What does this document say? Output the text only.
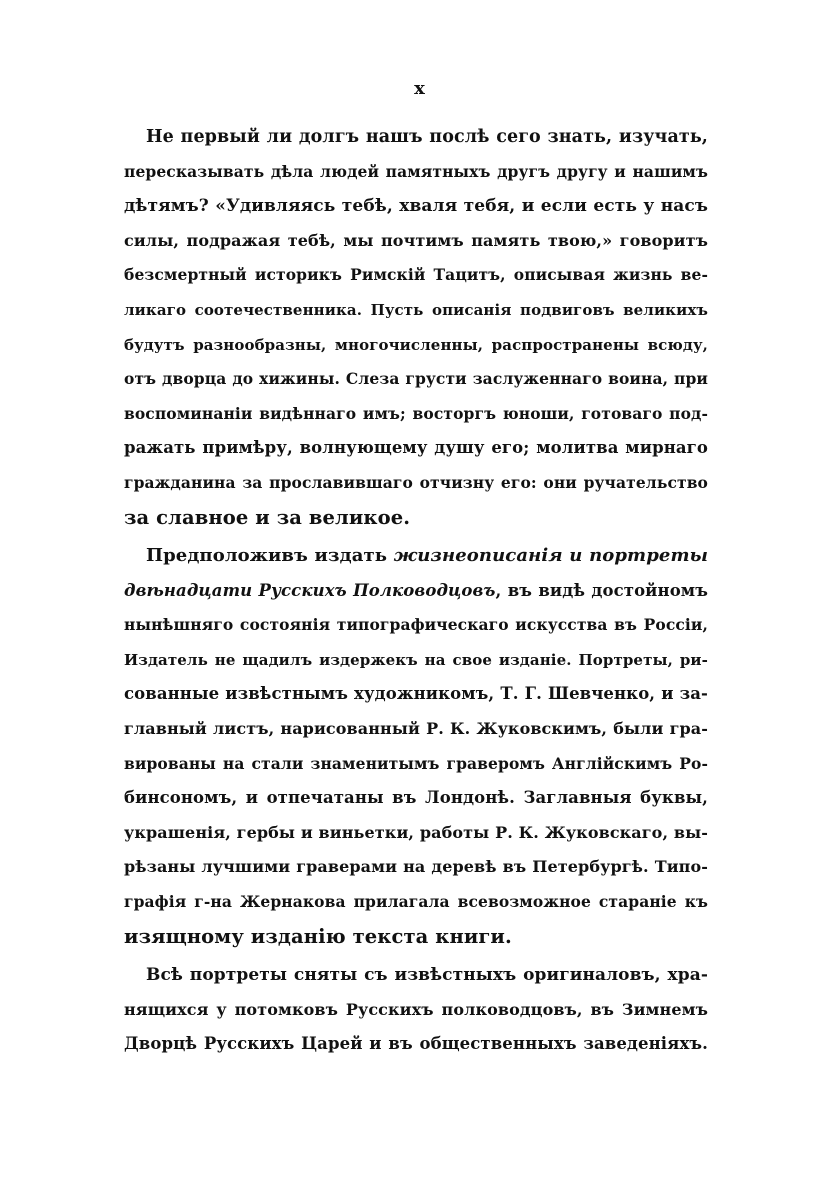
x
Не первый ли долгъ нашъ послѣ сего знать, изучать,
пересказывать дѣла людей памятныхъ другъ другу и нашимъ
дѣтямъ? «Удивляясь тебѣ, хваля тебя, и если есть у насъ
силы, подражая тебѣ, мы почтимъ память твою,» говоритъ
безсмертный историкъ Римскій Тацитъ, описывая жизнь ве-
ликаго соотечественника. Пусть описанія подвиговъ великихъ
будутъ разнообразны, многочисленны, распространены всюду,
отъ дворца до хижины. Слеза грусти заслуженнаго воина, при
воспоминаніи видѣннаго имъ; восторгъ юноши, готоваго под-
ражать примѣру, волнующему душу его; молитва мирнаго
гражданина за прославившаго отчизну его: они ручательство
за славное и за великое.
Предположивъ издать жизнеописанія и портреты
двѣнадцати Русскихъ Полководцовъ, въ видѣ достойномъ
нынѣшняго состоянія типографическаго искусства въ Россіи,
Издатель не щадилъ издержекъ на свое изданіе. Портреты, ри-
сованные извѣстнымъ художникомъ, Т. Г. Шевченко, и за-
главный листъ, нарисованный Р. К. Жуковскимъ, были гра-
вированы на стали знаменитымъ граверомъ Англійскимъ Ро-
бинсономъ, и отпечатаны въ Лондонѣ. Заглавныя буквы,
украшенія, гербы и виньетки, работы Р. К. Жуковскаго, вы-
рѣзаны лучшими граверами на деревѣ въ Петербургѣ. Типо-
графія г-на Жернакова прилагала всевозможное стараніе къ
изящному изданію текста книги.
Всѣ портреты сняты съ извѣстныхъ оригиналовъ, хра-
нящихся у потомковъ Русскихъ полководцовъ, въ Зимнемъ
Дворцѣ Русскихъ Царей и въ общественныхъ заведеніяхъ.
